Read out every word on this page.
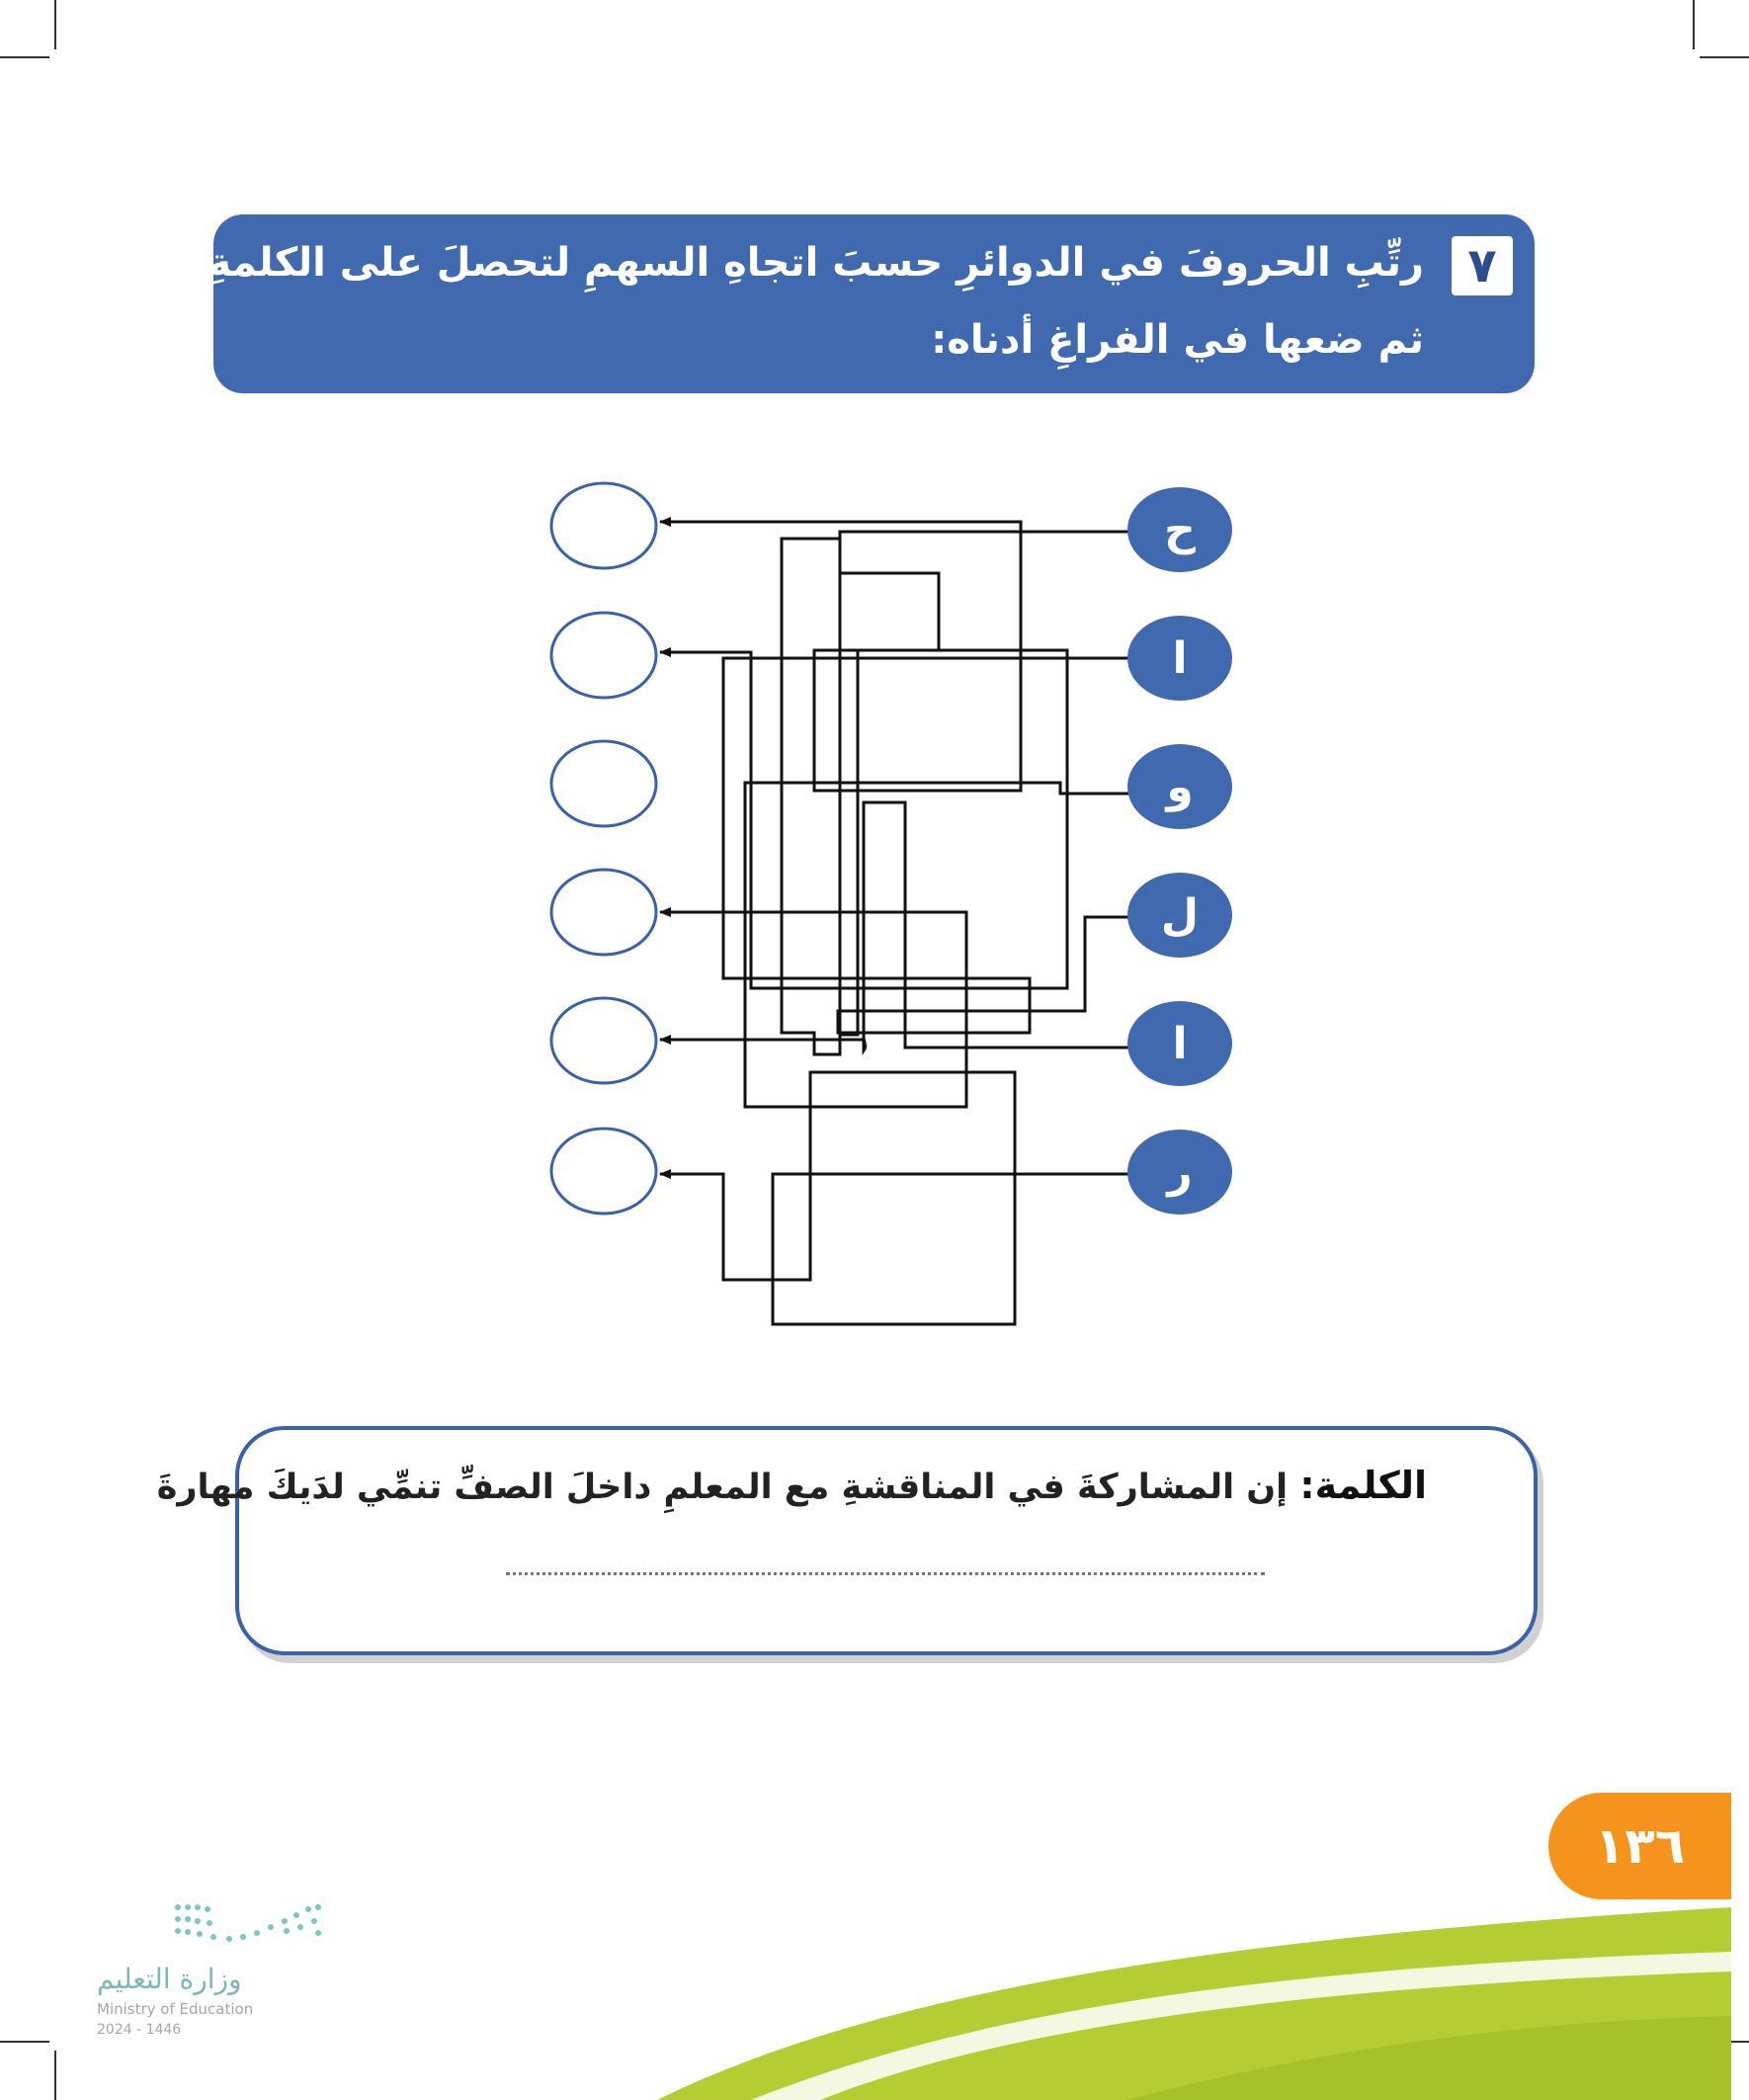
٧
رتِّبِ الحروفَ في الدوائرِ حسبَ اتجاهِ السهمِ لتحصلَ على الكلمةِ المطلوبةِ،
ثم ضعها في الفراغِ أدناه:
ح
ا
و
ل
ا
ر
الكلمة: إن المشاركةَ في المناقشةِ مع المعلمِ داخلَ الصفِّ تنمِّي لدَيكَ مهارةَ
١٣٦
وزارة التعليم
Ministry of Education
2024 - 1446
